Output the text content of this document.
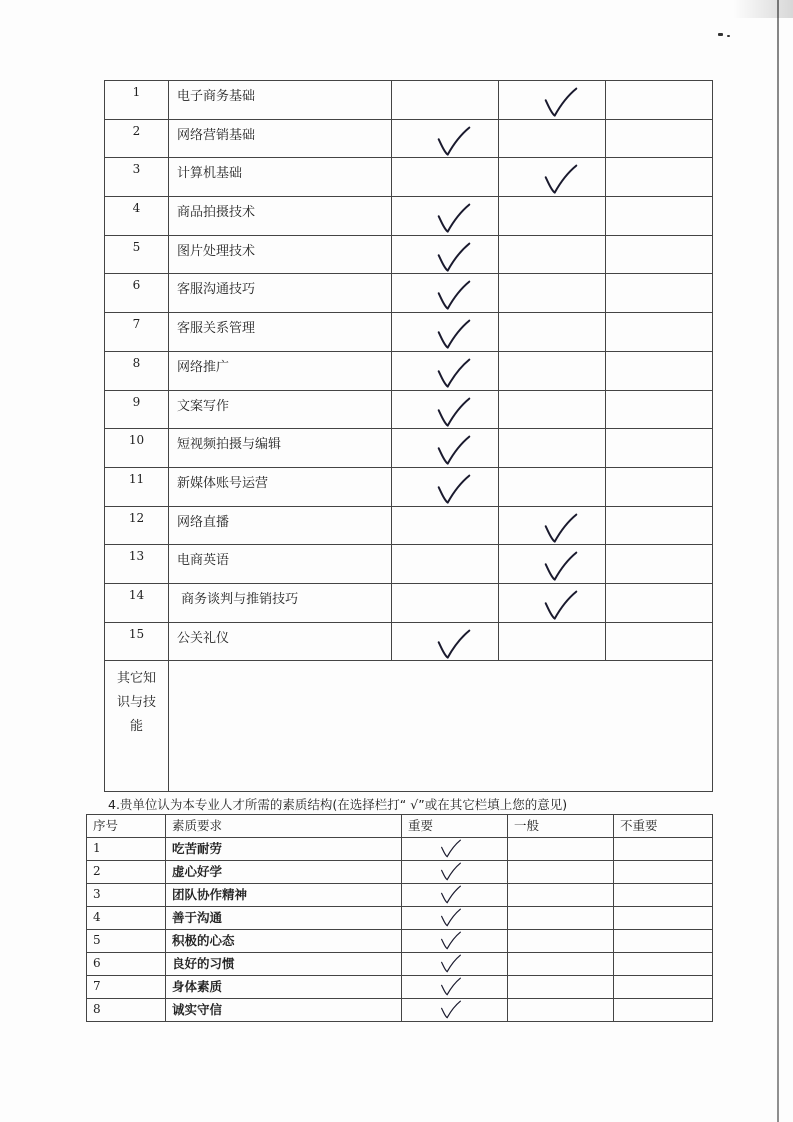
1	电子商务基础		

2	网络营销基础	

3	计算机基础		

4	商品拍摄技术	

5	图片处理技术	

6	客服沟通技巧	

7	客服关系管理	

8	网络推广	

9	文案写作	

10	短视频拍摄与编辑	

11	新媒体账号运营	

12	网络直播		

13	电商英语		

14	商务谈判与推销技巧		

15	公关礼仪	

其它知
识与技
能				

4.贵单位认为本专业人才所需的素质结构(在选择栏打“ √”或在其它栏填上您的意见)

序号	素质要求	重要	一般	不重要
1	吃苦耐劳	

2	虚心好学	

3	团队协作精神	

4	善于沟通	

5	积极的心态	

6	良好的习惯	

7	身体素质	

8	诚实守信	
